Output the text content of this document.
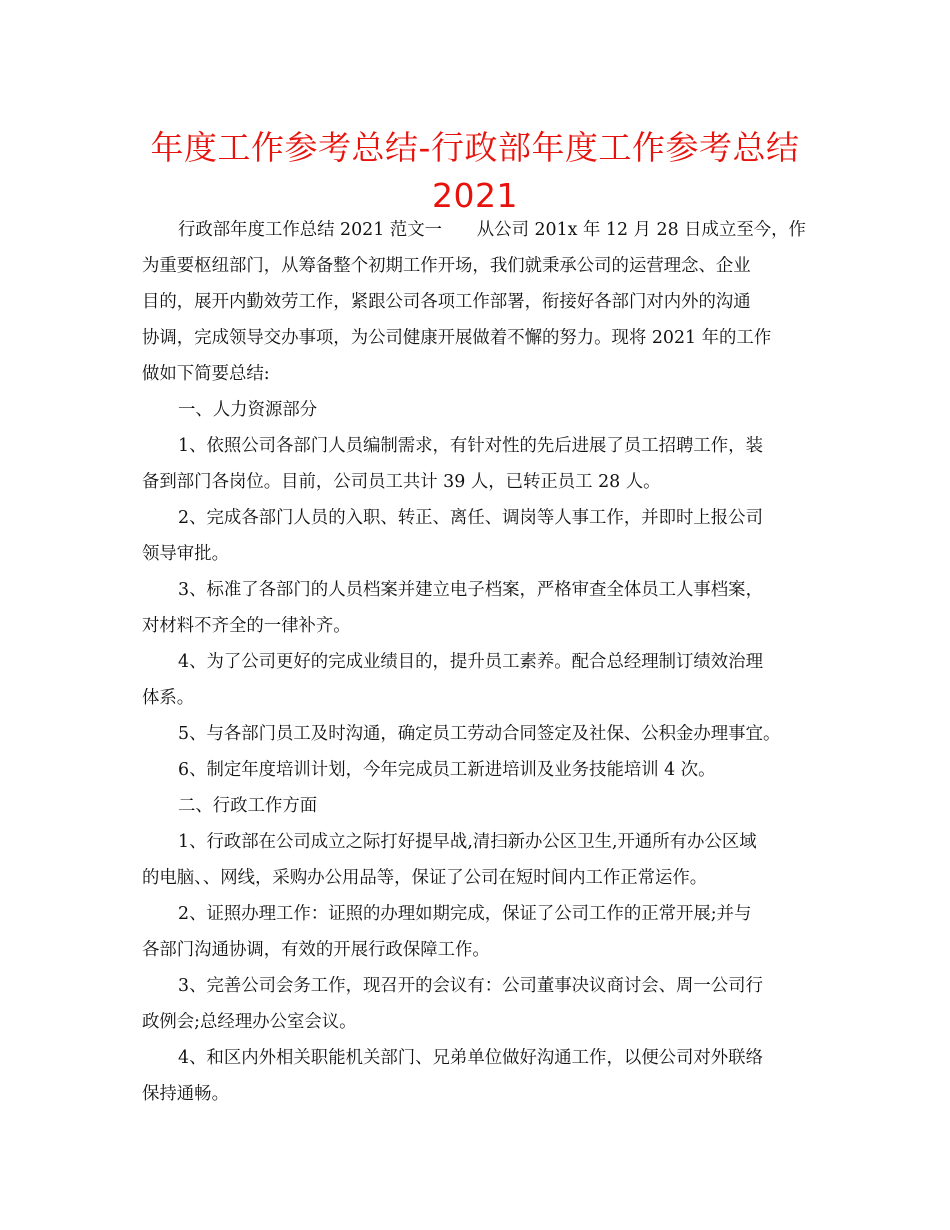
年度工作参考总结-行政部年度工作参考总结
2021
行政部年度工作总结 2021 范文一　　从公司 201x 年 12 月 28 日成立至今，作
为重要枢纽部门，从筹备整个初期工作开场，我们就秉承公司的运营理念、企业
目的，展开内勤效劳工作，紧跟公司各项工作部署，衔接好各部门对内外的沟通
协调，完成领导交办事项，为公司健康开展做着不懈的努力。现将 2021 年的工作
做如下简要总结:
一、人力资源部分
1、依照公司各部门人员编制需求，有针对性的先后进展了员工招聘工作，装
备到部门各岗位。目前，公司员工共计 39 人，已转正员工 28 人。
2、完成各部门人员的入职、转正、离任、调岗等人事工作，并即时上报公司
领导审批。
3、标准了各部门的人员档案并建立电子档案，严格审查全体员工人事档案，
对材料不齐全的一律补齐。
4、为了公司更好的完成业绩目的，提升员工素养。配合总经理制订绩效治理
体系。
5、与各部门员工及时沟通，确定员工劳动合同签定及社保、公积金办理事宜。
6、制定年度培训计划，今年完成员工新进培训及业务技能培训 4 次。
二、行政工作方面
1、行政部在公司成立之际打好提早战,清扫新办公区卫生,开通所有办公区域
的电脑、、网线，采购办公用品等，保证了公司在短时间内工作正常运作。
2、证照办理工作：证照的办理如期完成，保证了公司工作的正常开展;并与
各部门沟通协调，有效的开展行政保障工作。
3、完善公司会务工作，现召开的会议有：公司董事决议商讨会、周一公司行
政例会;总经理办公室会议。
4、和区内外相关职能机关部门、兄弟单位做好沟通工作，以便公司对外联络
保持通畅。
